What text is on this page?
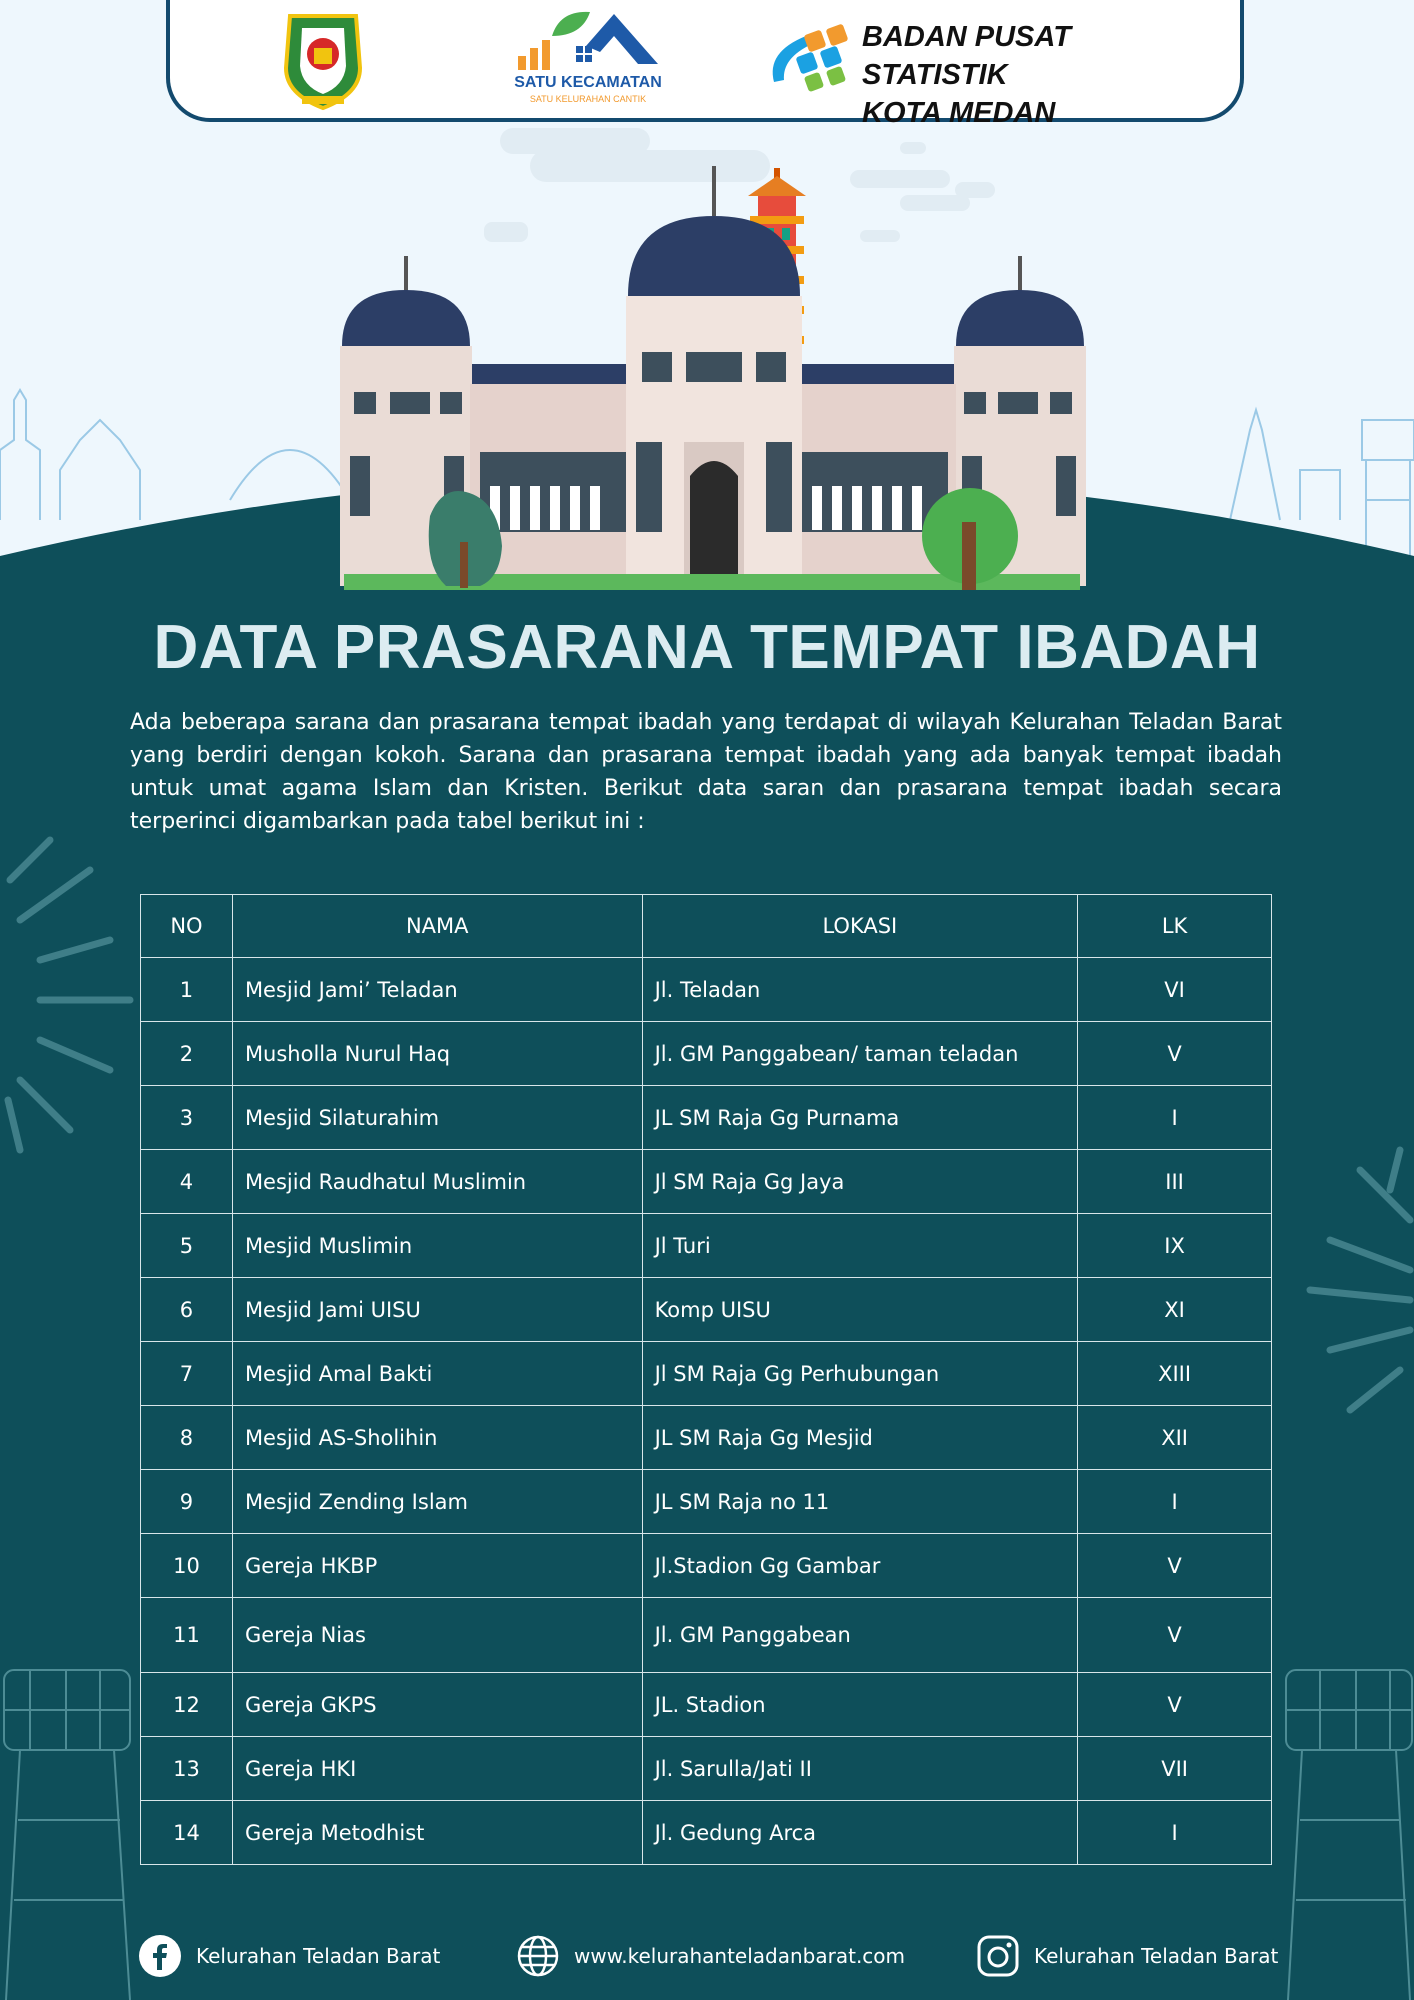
SATU KECAMATAN
SATU KELURAHAN CANTIK
BADAN PUSAT STATISTIK
KOTA MEDAN
DATA PRASARANA TEMPAT IBADAH

Ada beberapa sarana dan prasarana tempat ibadah yang terdapat di wilayah Kelurahan Teladan Barat yang berdiri dengan kokoh. Sarana dan prasarana tempat ibadah yang ada banyak tempat ibadah untuk umat agama Islam dan Kristen. Berikut data saran dan prasarana tempat ibadah secara terperinci digambarkan pada tabel berikut ini :

NO	NAMA	LOKASI	LK
1	Mesjid Jami’ Teladan	Jl. Teladan	VI
2	Musholla Nurul Haq	Jl. GM Panggabean/ taman teladan	V
3	Mesjid Silaturahim	JL SM Raja Gg Purnama	I
4	Mesjid Raudhatul Muslimin	Jl SM Raja Gg Jaya	III
5	Mesjid Muslimin	Jl Turi	IX
6	Mesjid Jami UISU	Komp UISU	XI
7	Mesjid Amal Bakti	Jl SM Raja Gg Perhubungan	XIII
8	Mesjid AS-Sholihin	JL SM Raja Gg Mesjid	XII
9	Mesjid Zending Islam	JL SM Raja no 11	I
10	Gereja HKBP	Jl.Stadion Gg Gambar	V
11	Gereja Nias	Jl. GM Panggabean	V
12	Gereja GKPS	JL. Stadion	V
13	Gereja HKI	Jl. Sarulla/Jati II	VII
14	Gereja Metodhist	Jl. Gedung Arca	I
Kelurahan Teladan Barat	www.kelurahanteladanbarat.com	Kelurahan Teladan Barat
